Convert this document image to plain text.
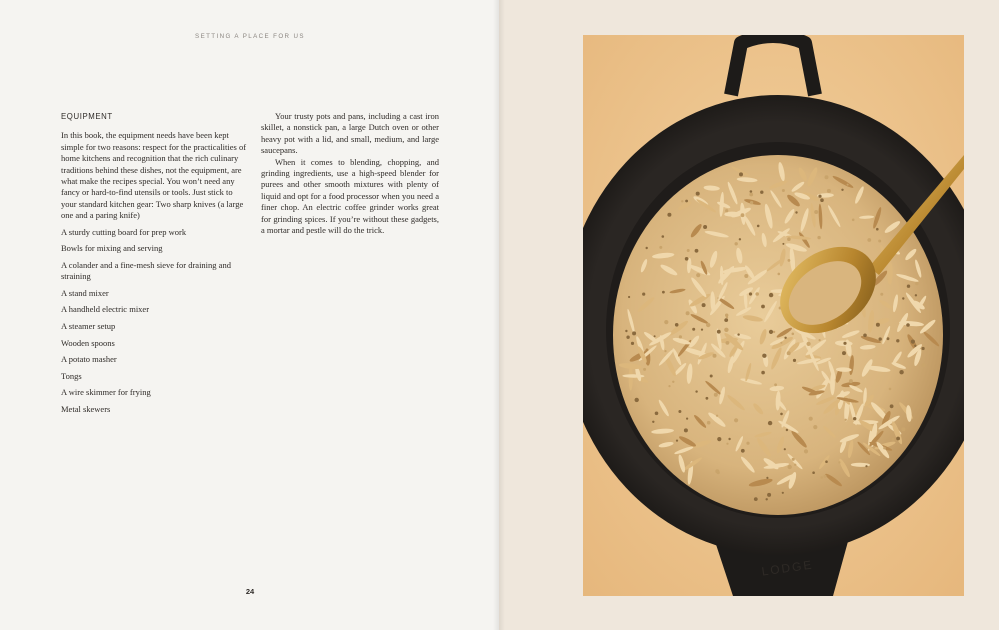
SETTING A PLACE FOR US
EQUIPMENT

In this book, the equipment needs have been kept simple for two reasons: respect for the practicalities of home kitchens and recognition that the rich culinary traditions behind these dishes, not the equipment, are what make the recipes special. You won’t need any fancy or hard-to-find utensils or tools. Just stick to your standard kitchen gear: Two sharp knives (a large one and a paring knife)

A sturdy cutting board for prep work
Bowls for mixing and serving
A colander and a fine-mesh sieve for draining and straining
A stand mixer
A handheld electric mixer
A steamer setup
Wooden spoons
A potato masher
Tongs
A wire skimmer for frying
Metal skewers

Your trusty pots and pans, including a cast iron skillet, a nonstick pan, a large Dutch oven or other heavy pot with a lid, and small, medium, and large saucepans.

When it comes to blending, chopping, and grinding ingredients, use a high-speed blender for purees and other smooth mixtures with plenty of liquid and opt for a food processor when you need a finer chop. An electric coffee grinder works great for grinding spices. If you’re without these gadgets, a mortar and pestle will do the trick.

24
LODGE
